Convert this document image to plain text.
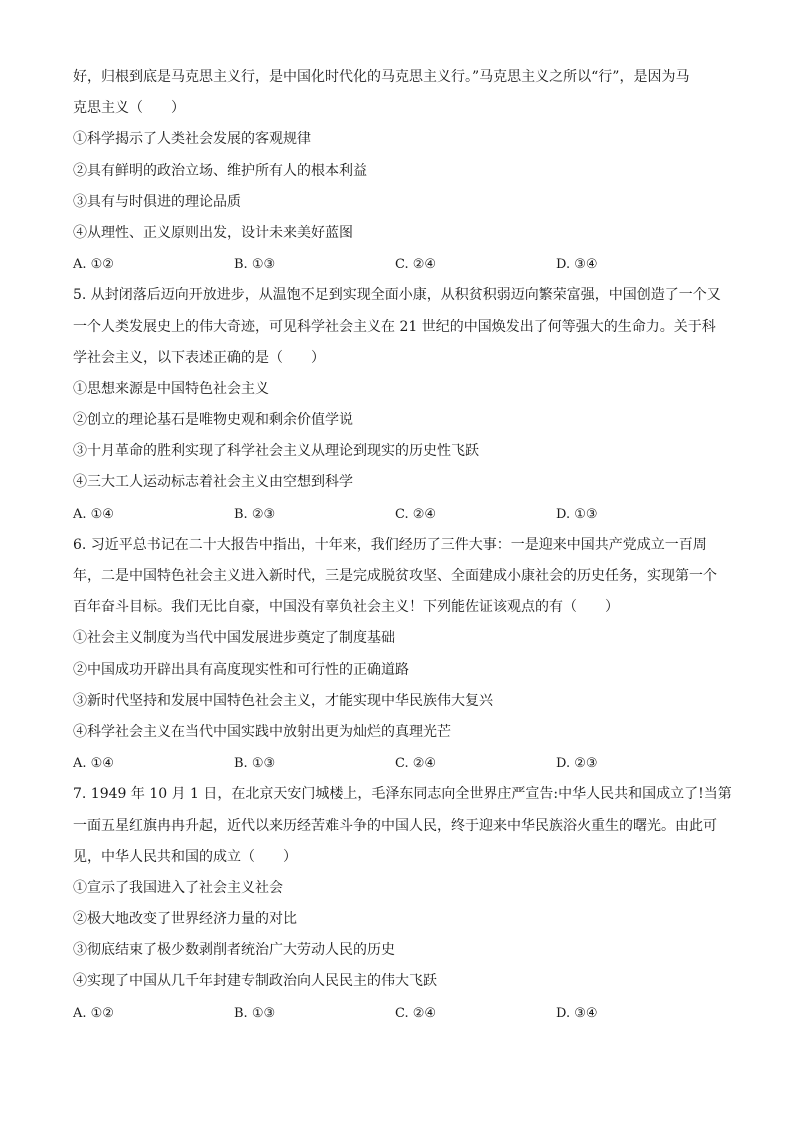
好，归根到底是马克思主义行，是中国化时代化的马克思主义行。”马克思主义之所以“行”，是因为马
克思主义（　　）
①科学揭示了人类社会发展的客观规律
②具有鲜明的政治立场、维护所有人的根本利益
③具有与时俱进的理论品质
④从理性、正义原则出发，设计未来美好蓝图
A. ①②	B. ①③	C. ②④	D. ③④
5. 从封闭落后迈向开放进步，从温饱不足到实现全面小康，从积贫积弱迈向繁荣富强，中国创造了一个又
一个人类发展史上的伟大奇迹，可见科学社会主义在 21 世纪的中国焕发出了何等强大的生命力。关于科
学社会主义，以下表述正确的是（　　）
①思想来源是中国特色社会主义
②创立的理论基石是唯物史观和剩余价值学说
③十月革命的胜利实现了科学社会主义从理论到现实的历史性飞跃
④三大工人运动标志着社会主义由空想到科学
A. ①④	B. ②③	C. ②④	D. ①③
6. 习近平总书记在二十大报告中指出，十年来，我们经历了三件大事：一是迎来中国共产党成立一百周
年，二是中国特色社会主义进入新时代，三是完成脱贫攻坚、全面建成小康社会的历史任务，实现第一个
百年奋斗目标。我们无比自豪，中国没有辜负社会主义！下列能佐证该观点的有（　　）
①社会主义制度为当代中国发展进步奠定了制度基础
②中国成功开辟出具有高度现实性和可行性的正确道路
③新时代坚持和发展中国特色社会主义，才能实现中华民族伟大复兴
④科学社会主义在当代中国实践中放射出更为灿烂的真理光芒
A. ①④	B. ①③	C. ②④	D. ②③
7. 1949 年 10 月 1 日，在北京天安门城楼上，毛泽东同志向全世界庄严宣告:中华人民共和国成立了!当第
一面五星红旗冉冉升起，近代以来历经苦难斗争的中国人民，终于迎来中华民族浴火重生的曙光。由此可
见，中华人民共和国的成立（　　）
①宣示了我国进入了社会主义社会
②极大地改变了世界经济力量的对比
③彻底结束了极少数剥削者统治广大劳动人民的历史
④实现了中国从几千年封建专制政治向人民民主的伟大飞跃
A. ①②	B. ①③	C. ②④	D. ③④
